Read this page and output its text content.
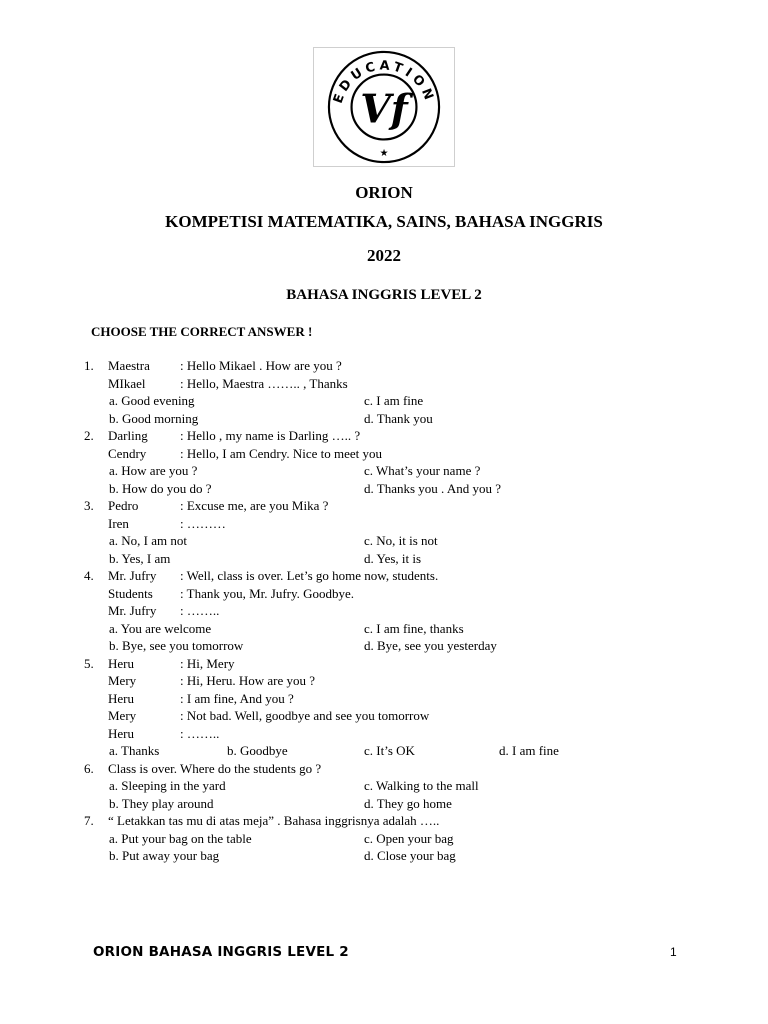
EDUCATION
★
Vf
ORION
KOMPETISI MATEMATIKA, SAINS, BAHASA INGGRIS
2022
BAHASA INGGRIS LEVEL 2
CHOOSE THE CORRECT ANSWER !
1. Maestra : Hello Mikael . How are you ?
MIkael	: Hello, Maestra …….. , Thanks
a. Good evening	c. I am fine
b. Good morning	d. Thank you
2. Darling : Hello , my name is Darling ….. ?
Cendry	: Hello, I am Cendry. Nice to meet you
a. How are you ?	c. What’s your name ?
b. How do you do ?	d. Thanks you . And you ?
3. Pedro	: Excuse me, are you Mika ?
Iren	: ………
a. No, I am not	c. No, it is not
b. Yes, I am	d. Yes, it is
4. Mr. Jufry : Well, class is over. Let’s go home now, students.
Students : Thank you, Mr. Jufry. Goodbye.
Mr. Jufry : ……..
a. You are welcome	c. I am fine, thanks
b. Bye, see you tomorrow	d. Bye, see you yesterday
5. Heru	: Hi, Mery
Mery	: Hi, Heru. How are you ?
Heru	: I am fine, And you ?
Mery	: Not bad. Well, goodbye and see you tomorrow
Heru	: ……..
a. Thanks	b. Goodbye	c. It’s OK	d. I am fine
6. Class is over. Where do the students go ?
a. Sleeping in the yard	c. Walking to the mall
b. They play around	d. They go home
7. “ Letakkan tas mu di atas meja” . Bahasa inggrisnya adalah …..
a. Put your bag on the table	c. Open your bag
b. Put away your bag	d. Close your bag
ORION BAHASA INGGRIS LEVEL 2	1
